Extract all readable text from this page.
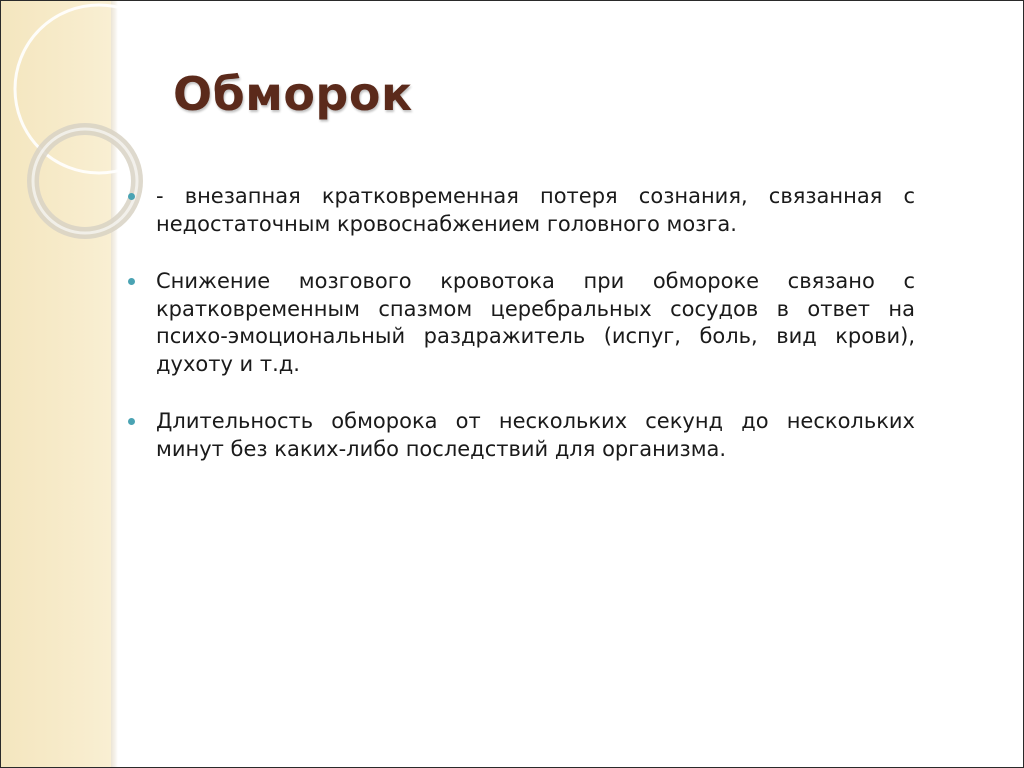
Обморок
- внезапная кратковременная потеря сознания, связанная с недостаточным кровоснабжением головного мозга.
Снижение мозгового кровотока при обмороке связано с кратковременным спазмом церебральных сосудов в ответ на психо-эмоциональный раздражитель (испуг, боль, вид крови), духоту и т.д.
Длительность обморока от нескольких секунд до нескольких минут без каких-либо последствий для организма.
